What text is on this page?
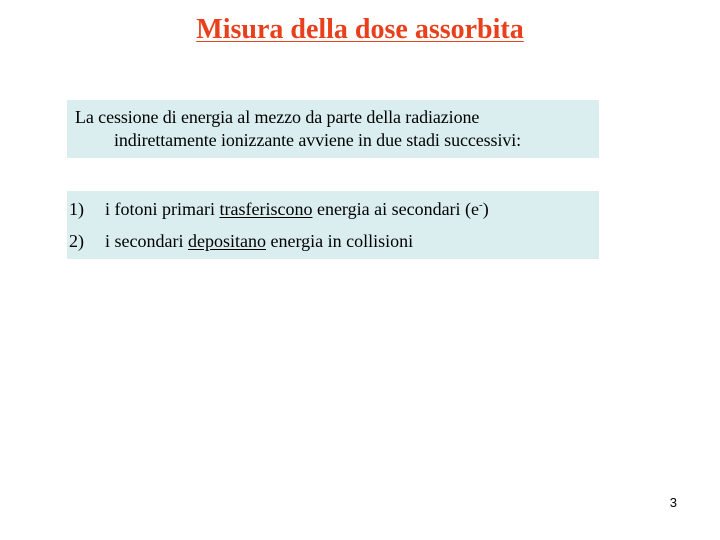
Misura della dose assorbita
La cessione di energia al mezzo da parte della radiazione
indirettamente ionizzante avviene in due stadi successivi:
1) i fotoni primari trasferiscono energia ai secondari (e-)
2) i secondari depositano energia in collisioni
3
